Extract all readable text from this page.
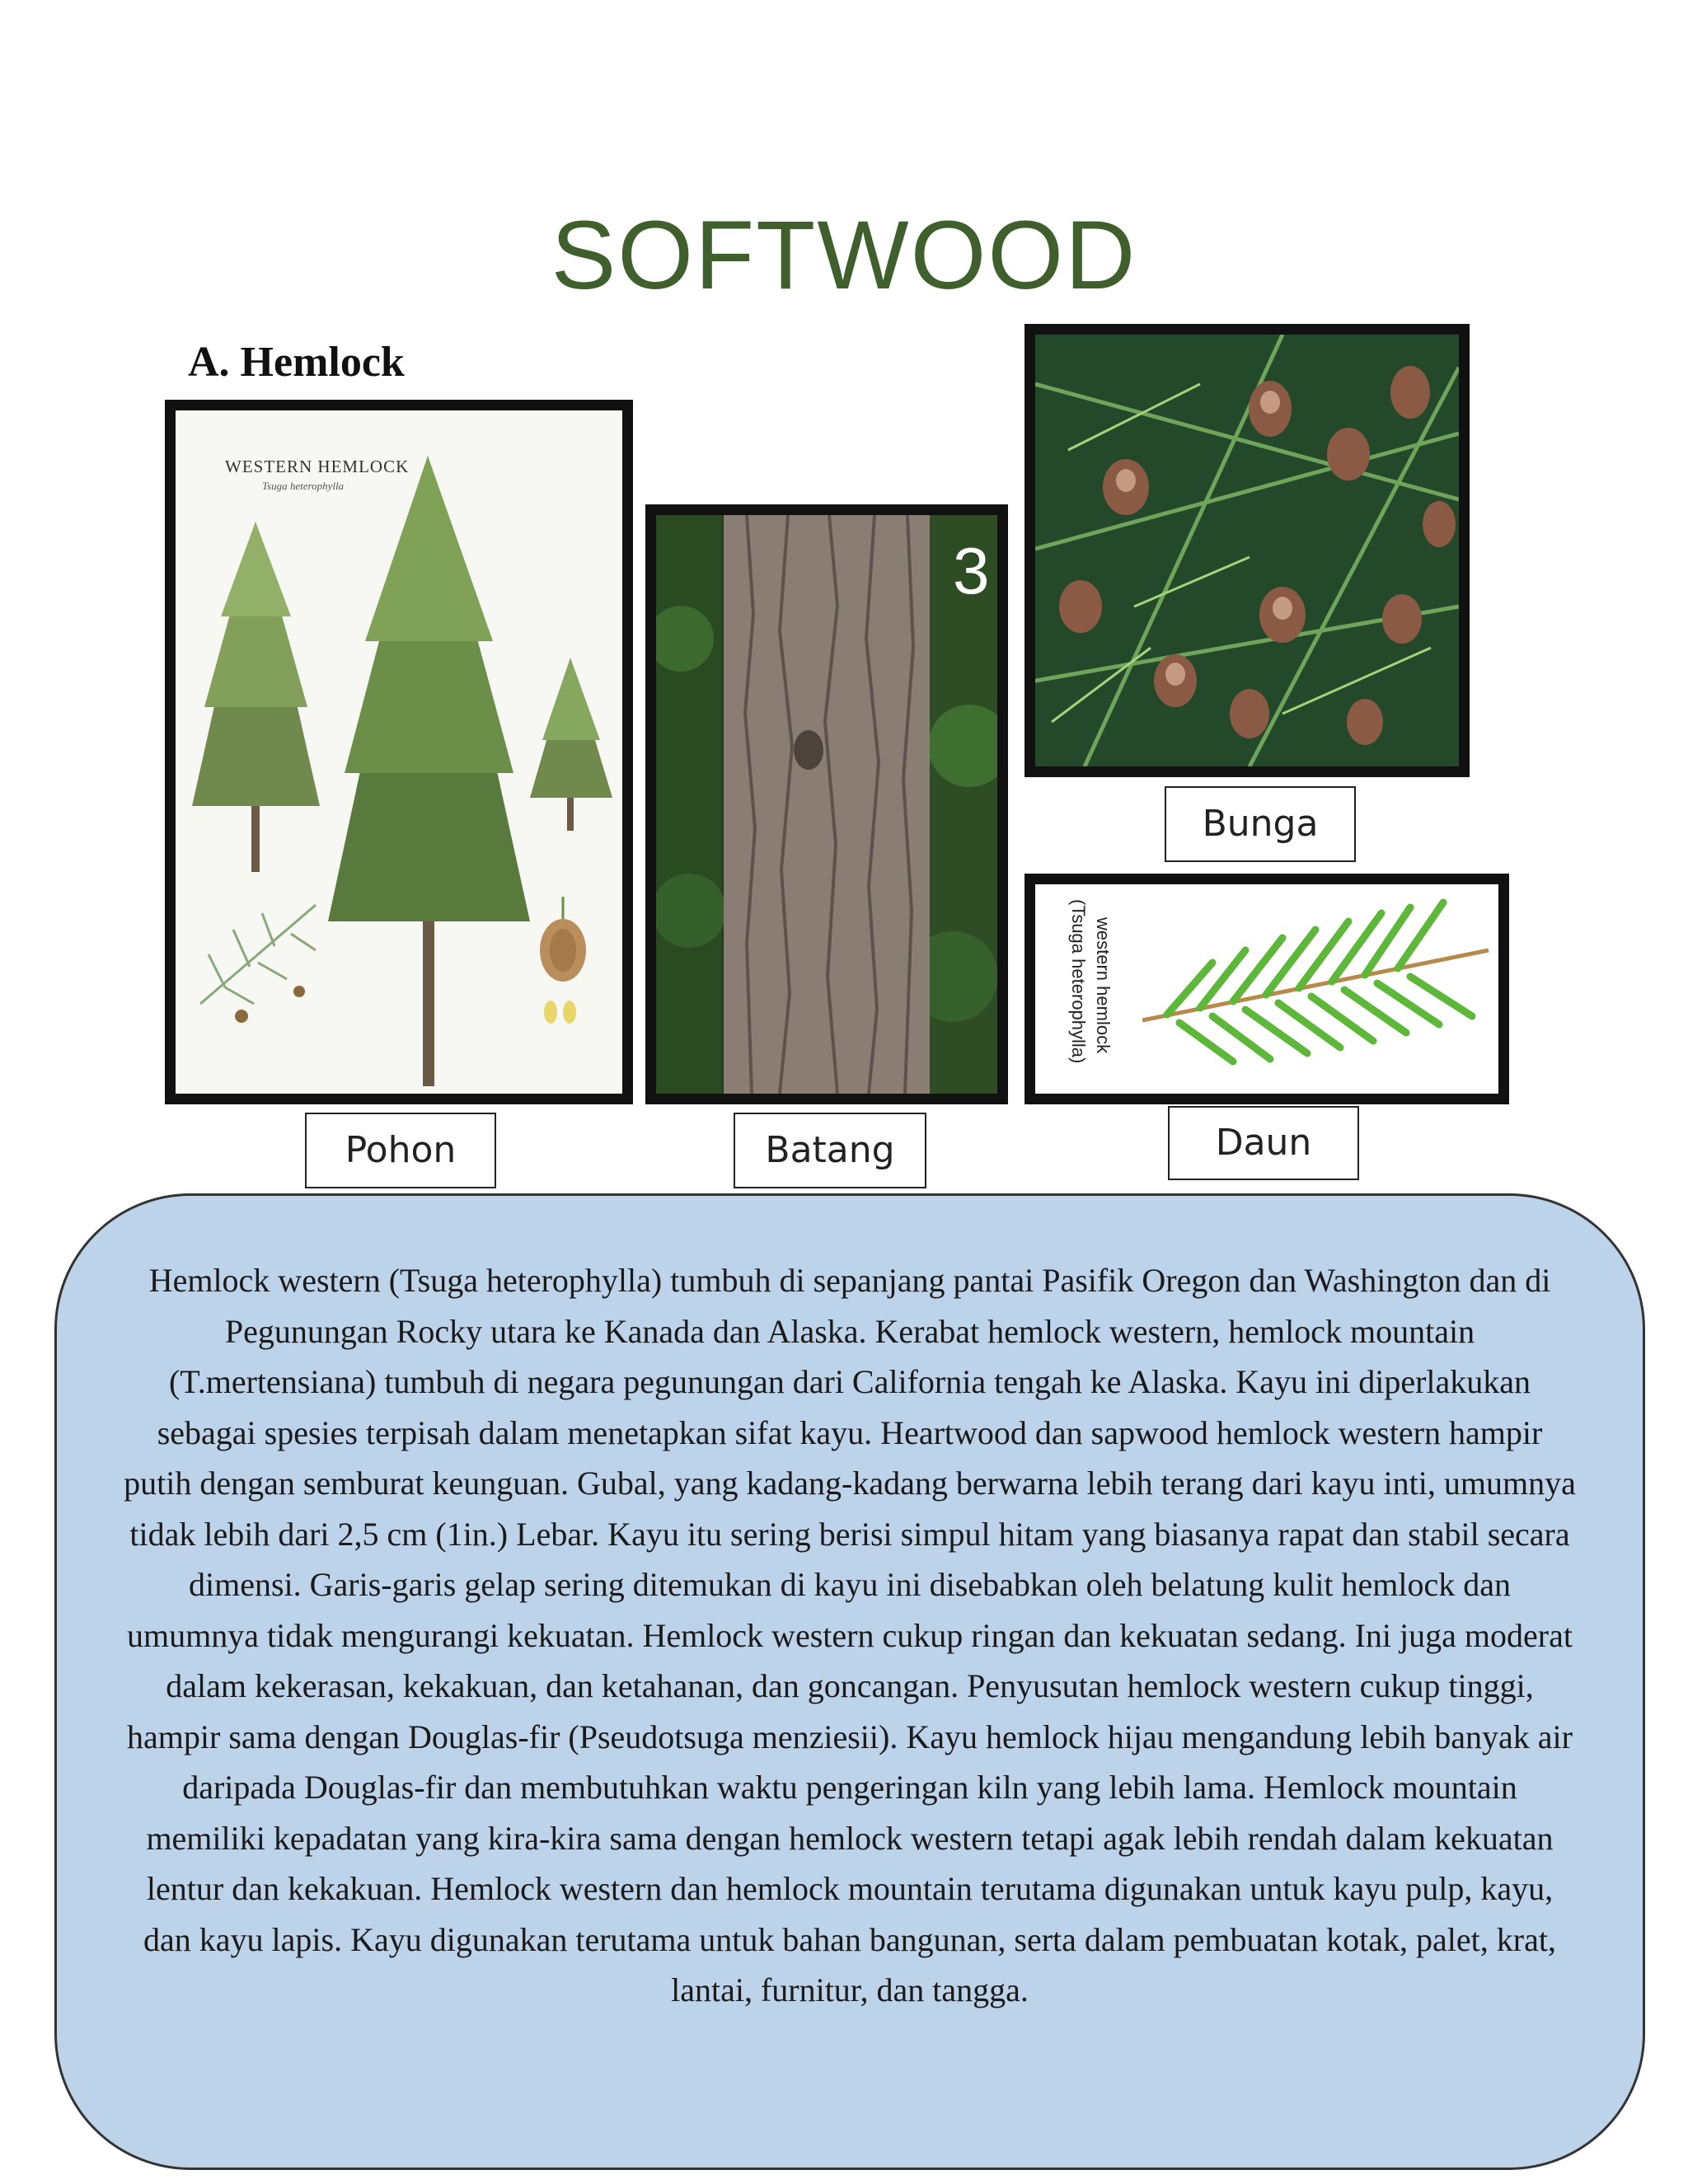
SOFTWOOD
A. Hemlock
WESTERN HEMLOCK
Tsuga heterophylla
Pohon
3
Batang
Bunga
western hemlock
(Tsuga heterophylla)
Daun
Hemlock western (Tsuga heterophylla) tumbuh di sepanjang pantai Pasifik Oregon dan Washington dan di Pegunungan Rocky utara ke Kanada dan Alaska. Kerabat hemlock western, hemlock mountain (T.mertensiana) tumbuh di negara pegunungan dari California tengah ke Alaska. Kayu ini diperlakukan sebagai spesies terpisah dalam menetapkan sifat kayu. Heartwood dan sapwood hemlock western hampir putih dengan semburat keunguan. Gubal, yang kadang-kadang berwarna lebih terang dari kayu inti, umumnya tidak lebih dari 2,5 cm (1in.) Lebar. Kayu itu sering berisi simpul hitam yang biasanya rapat dan stabil secara dimensi. Garis-garis gelap sering ditemukan di kayu ini disebabkan oleh belatung kulit hemlock dan umumnya tidak mengurangi kekuatan. Hemlock western cukup ringan dan kekuatan sedang. Ini juga moderat dalam kekerasan, kekakuan, dan ketahanan, dan goncangan. Penyusutan hemlock western cukup tinggi, hampir sama dengan Douglas-fir (Pseudotsuga menziesii). Kayu hemlock hijau mengandung lebih banyak air daripada Douglas-fir dan membutuhkan waktu pengeringan kiln yang lebih lama. Hemlock mountain memiliki kepadatan yang kira-kira sama dengan hemlock western tetapi agak lebih rendah dalam kekuatan lentur dan kekakuan. Hemlock western dan hemlock mountain terutama digunakan untuk kayu pulp, kayu, dan kayu lapis. Kayu digunakan terutama untuk bahan bangunan, serta dalam pembuatan kotak, palet, krat, lantai, furnitur, dan tangga.
